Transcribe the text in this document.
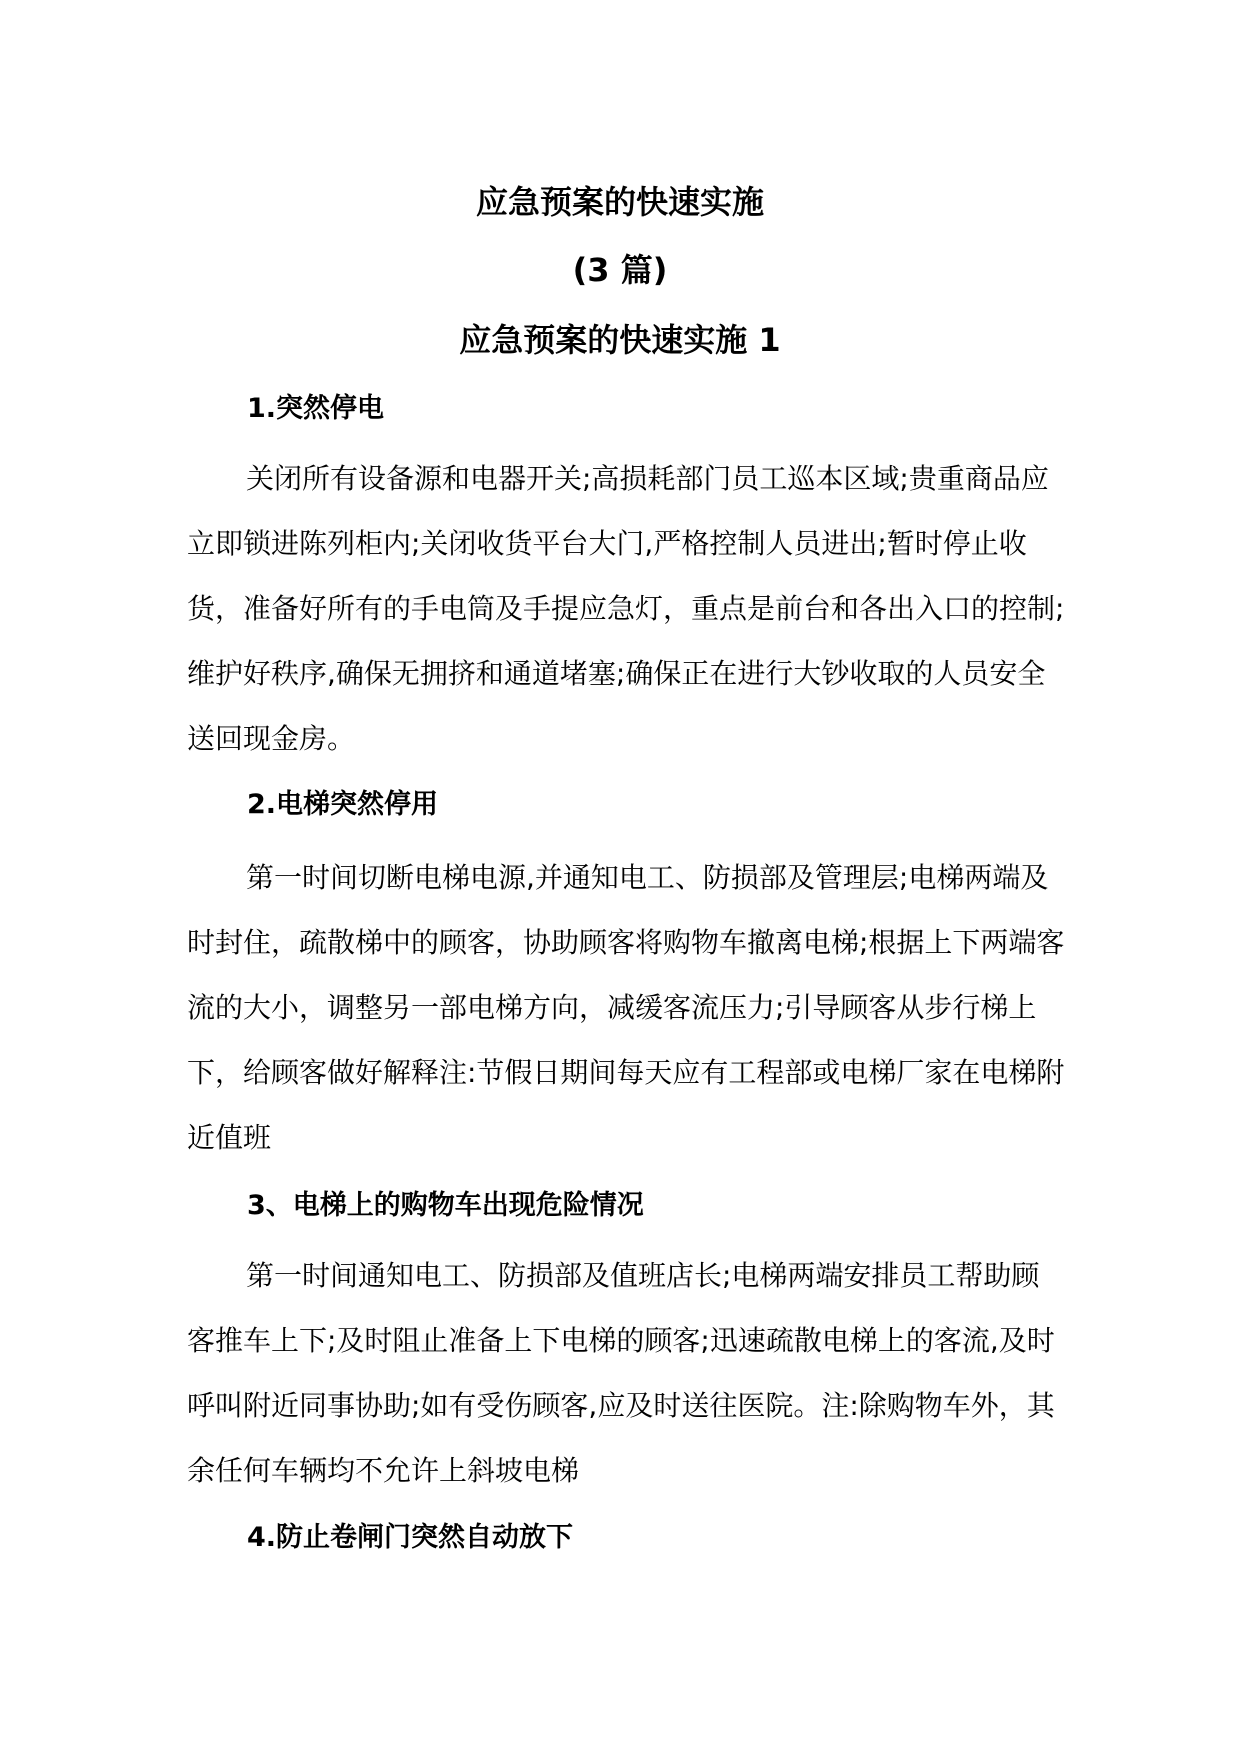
应急预案的快速实施
(3 篇)
应急预案的快速实施 1
1.突然停电
关闭所有设备源和电器开关;高损耗部门员工巡本区域;贵重商品应立即锁进陈列柜内;关闭收货平台大门,严格控制人员进出;暂时停止收货，准备好所有的手电筒及手提应急灯，重点是前台和各出入口的控制;维护好秩序,确保无拥挤和通道堵塞;确保正在进行大钞收取的人员安全送回现金房。
2.电梯突然停用
第一时间切断电梯电源,并通知电工、防损部及管理层;电梯两端及时封住，疏散梯中的顾客，协助顾客将购物车撤离电梯;根据上下两端客流的大小，调整另一部电梯方向，减缓客流压力;引导顾客从步行梯上下，给顾客做好解释注:节假日期间每天应有工程部或电梯厂家在电梯附近值班
3、电梯上的购物车出现危险情况
第一时间通知电工、防损部及值班店长;电梯两端安排员工帮助顾客推车上下;及时阻止准备上下电梯的顾客;迅速疏散电梯上的客流,及时呼叫附近同事协助;如有受伤顾客,应及时送往医院。注:除购物车外，其余任何车辆均不允许上斜坡电梯
4.防止卷闸门突然自动放下
